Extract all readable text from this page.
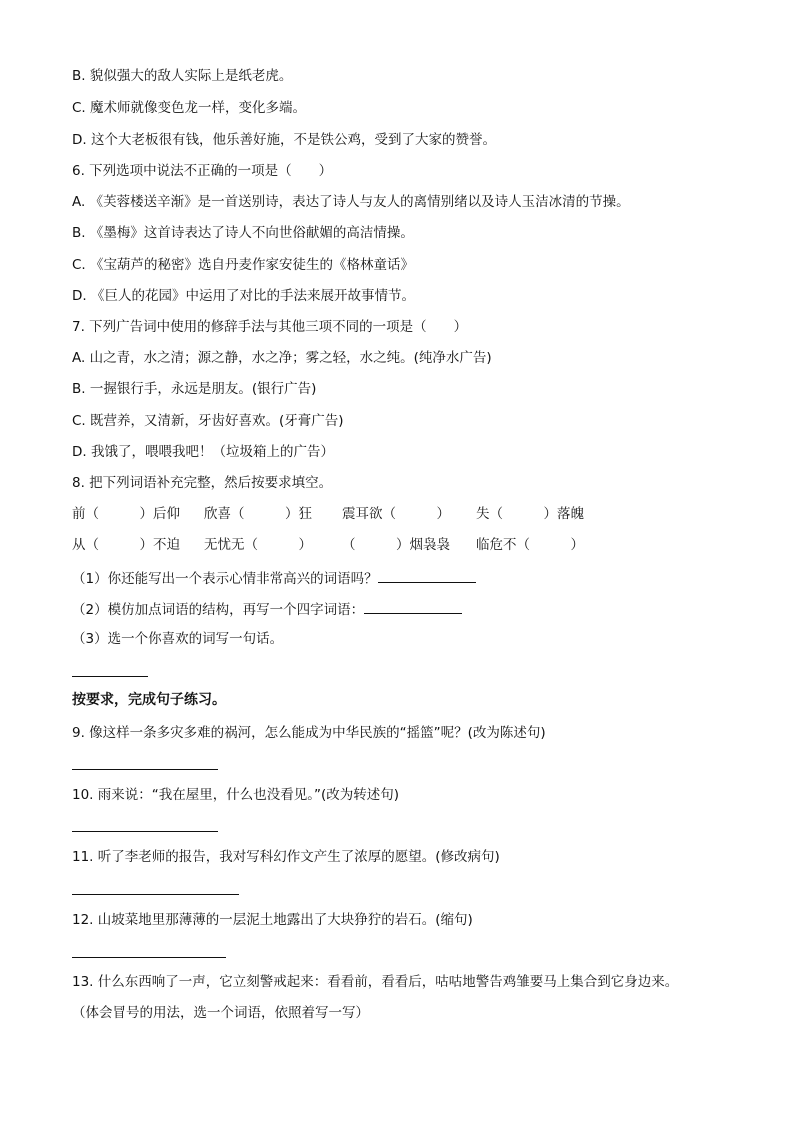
B. 貌似强大的敌人实际上是纸老虎。
C. 魔术师就像变色龙一样，变化多端。
D. 这个大老板很有钱，他乐善好施，不是铁公鸡，受到了大家的赞誉。
6. 下列选项中说法不正确的一项是（　　）
A. 《芙蓉楼送辛渐》是一首送别诗，表达了诗人与友人的离情别绪以及诗人玉洁冰清的节操。
B. 《墨梅》这首诗表达了诗人不向世俗献媚的高洁情操。
C. 《宝葫芦的秘密》选自丹麦作家安徒生的《格林童话》
D. 《巨人的花园》中运用了对比的手法来展开故事情节。
7. 下列广告词中使用的修辞手法与其他三项不同的一项是（　　）
A. 山之青，水之清；源之静，水之净；雾之轻，水之纯。(纯净水广告)
B. 一握银行手，永远是朋友。(银行广告)
C. 既营养，又清新，牙齿好喜欢。(牙膏广告)
D. 我饿了，喂喂我吧！（垃圾箱上的广告）
8. 把下列词语补充完整，然后按要求填空。
前（　　　）后仰 欣喜（　　　）狂 震耳欲（　　　） 失（　　　）落魄
从（　　　）不迫 无忧无（　　　） （　　　）烟袅袅 临危不（　　　）
（1）你还能写出一个表示心情非常高兴的词语吗？
（2）模仿加点词语的结构，再写一个四字词语：
（3）选一个你喜欢的词写一句话。
按要求，完成句子练习。
9. 像这样一条多灾多难的祸河，怎么能成为中华民族的“摇篮”呢？(改为陈述句)
10. 雨来说：“我在屋里，什么也没看见。”(改为转述句)
11. 听了李老师的报告，我对写科幻作文产生了浓厚的愿望。(修改病句)
12. 山坡菜地里那薄薄的一层泥土地露出了大块狰狞的岩石。(缩句)
13. 什么东西响了一声，它立刻警戒起来：看看前，看看后，咕咕地警告鸡雏要马上集合到它身边来。
（体会冒号的用法，选一个词语，依照着写一写）
